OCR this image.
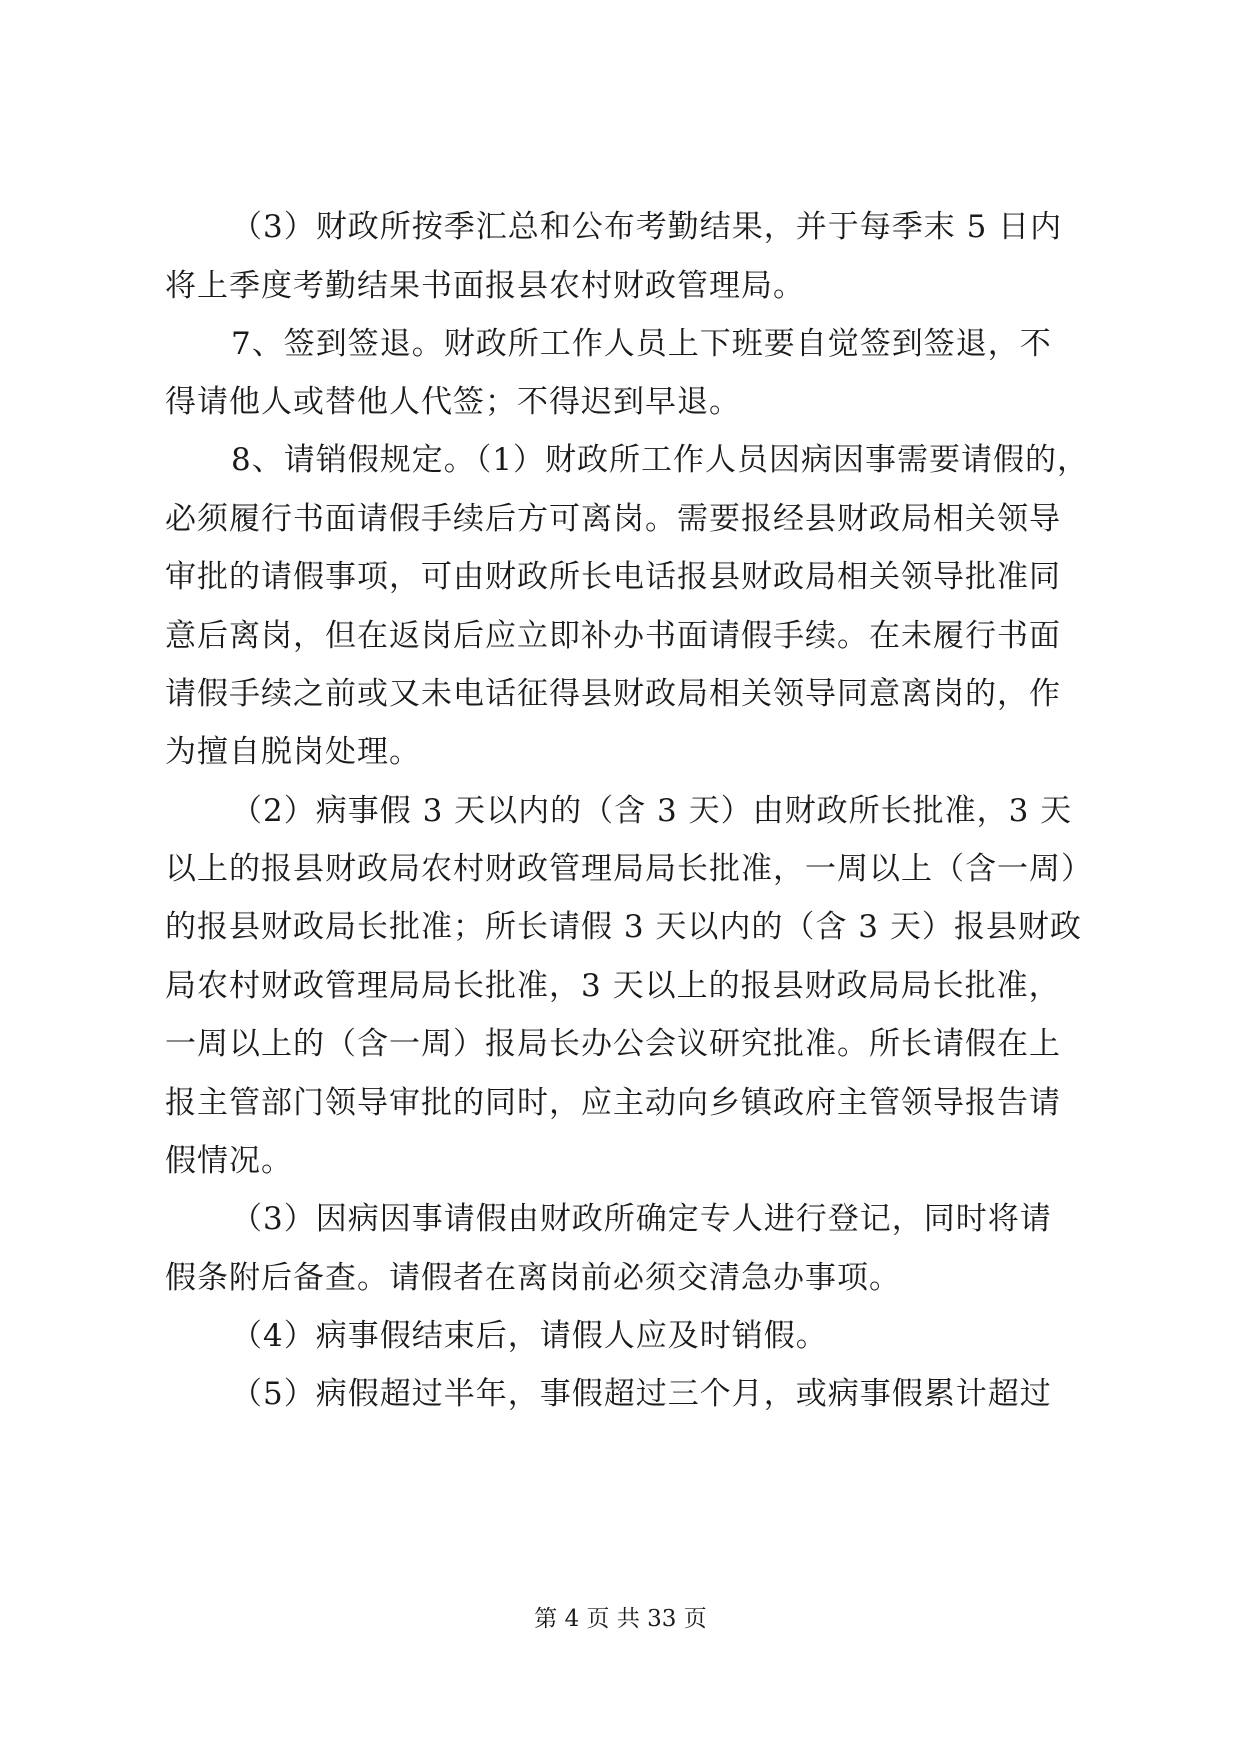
（3）财政所按季汇总和公布考勤结果，并于每季末 5 日内
将上季度考勤结果书面报县农村财政管理局。
7、签到签退。财政所工作人员上下班要自觉签到签退，不
得请他人或替他人代签；不得迟到早退。
8、请销假规定。（1）财政所工作人员因病因事需要请假的，
必须履行书面请假手续后方可离岗。需要报经县财政局相关领导
审批的请假事项，可由财政所长电话报县财政局相关领导批准同
意后离岗，但在返岗后应立即补办书面请假手续。在未履行书面
请假手续之前或又未电话征得县财政局相关领导同意离岗的，作
为擅自脱岗处理。
（2）病事假 3 天以内的（含 3 天）由财政所长批准，3 天
以上的报县财政局农村财政管理局局长批准，一周以上（含一周）
的报县财政局长批准；所长请假 3 天以内的（含 3 天）报县财政
局农村财政管理局局长批准，3 天以上的报县财政局局长批准，
一周以上的（含一周）报局长办公会议研究批准。所长请假在上
报主管部门领导审批的同时，应主动向乡镇政府主管领导报告请
假情况。
（3）因病因事请假由财政所确定专人进行登记，同时将请
假条附后备查。请假者在离岗前必须交清急办事项。
（4）病事假结束后，请假人应及时销假。
（5）病假超过半年，事假超过三个月，或病事假累计超过
第 4 页 共 33 页
